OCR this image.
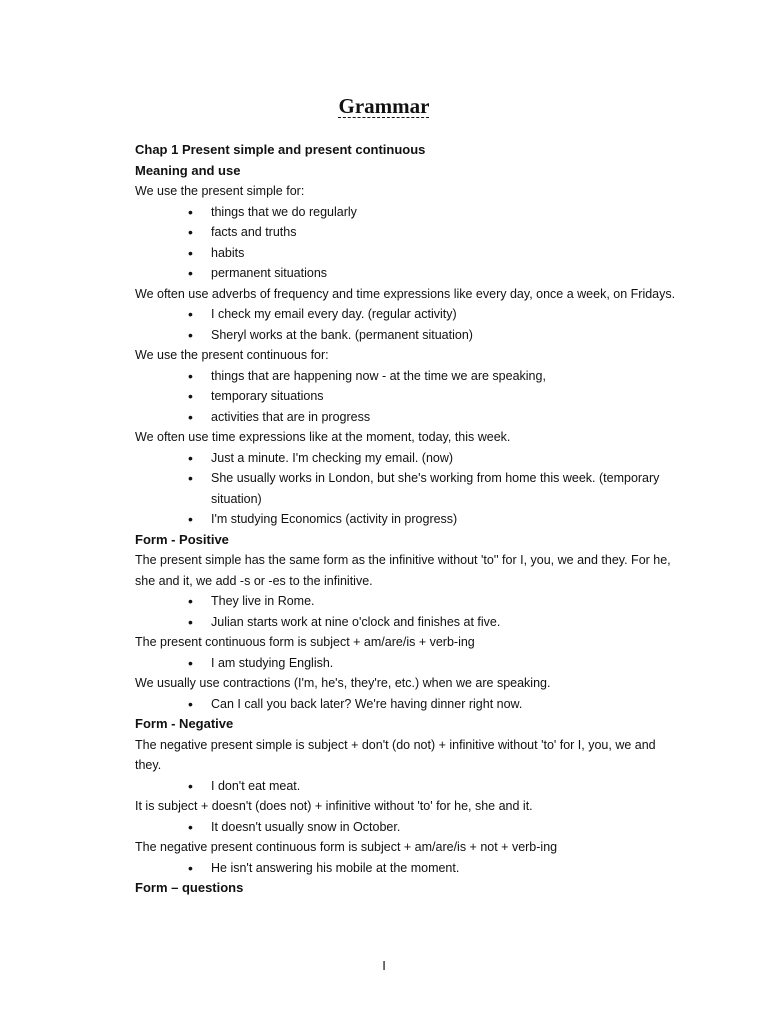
Grammar
Chap 1 Present simple and present continuous
Meaning and use
We use the present simple for:
• things that we do regularly
• facts and truths
• habits
• permanent situations
We often use adverbs of frequency and time expressions like every day, once a week, on Fridays.
• I check my email every day. (regular activity)
• Sheryl works at the bank. (permanent situation)
We use the present continuous for:
• things that are happening now - at the time we are speaking,
• temporary situations
• activities that are in progress
We often use time expressions like at the moment, today, this week.
• Just a minute. I'm checking my email. (now)
• She usually works in London, but she's working from home this week. (temporary situation)
• I'm studying Economics (activity in progress)
Form - Positive
The present simple has the same form as the infinitive without 'to'' for I, you, we and they. For he, she and it, we add -s or -es to the infinitive.
• They live in Rome.
• Julian starts work at nine o'clock and finishes at five.
The present continuous form is subject + am/are/is + verb-ing
• I am studying English.
We usually use contractions (I'm, he's, they're, etc.) when we are speaking.
• Can I call you back later? We're having dinner right now.
Form - Negative
The negative present simple is subject + don't (do not) + infinitive without 'to' for I, you, we and they.
• I don't eat meat.
It is subject + doesn't (does not) + infinitive without 'to' for he, she and it.
• It doesn't usually snow in October.
The negative present continuous form is subject + am/are/is + not + verb-ing
• He isn't answering his mobile at the moment.
Form – questions
I
